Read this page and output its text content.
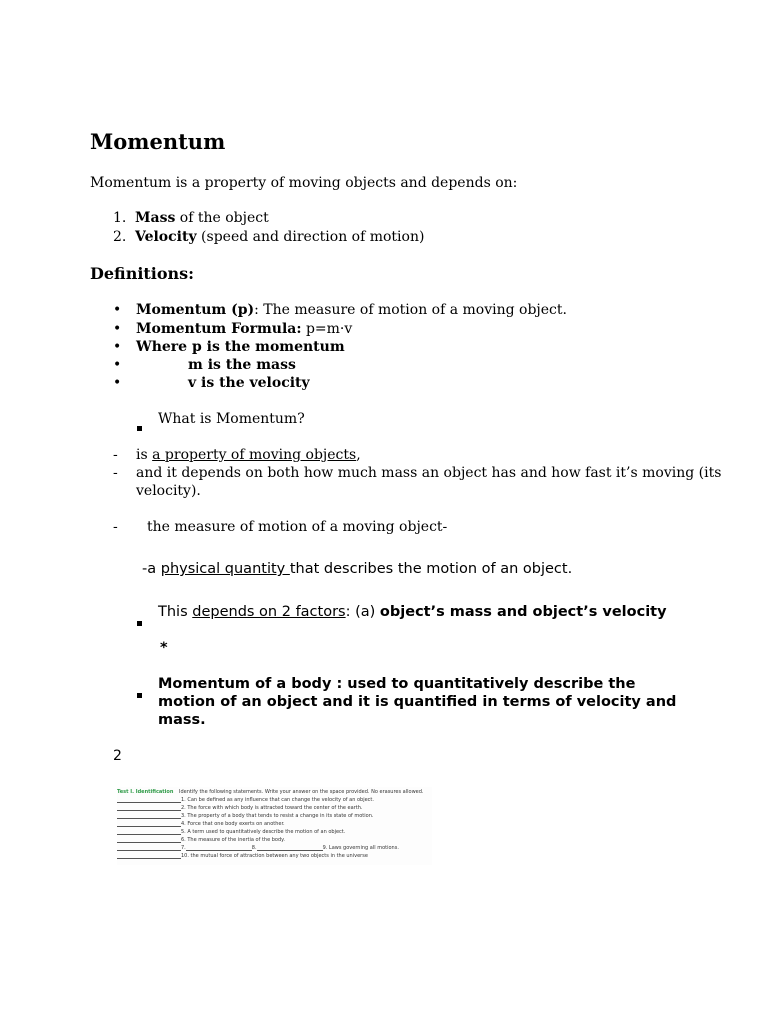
Momentum
Momentum is a property of moving objects and depends on:
1. Mass of the object
2. Velocity (speed and direction of motion)
Definitions:
• Momentum (p): The measure of motion of a moving object.
• Momentum Formula: p=m·v
• Where p is the momentum
•	m is the mass
•	v is the velocity
What is Momentum?
- is a property of moving objects,
- and it depends on both how much mass an object has and how fast it’s moving (its
velocity).
- the measure of motion of a moving object-
-a physical quantity that describes the motion of an object.
This depends on 2 factors: (a) object’s mass and object’s velocity
*
Momentum of a body : used to quantitatively describe the
motion of an object and it is quantified in terms of velocity and
mass.
2
Test I. Identification Identify the following statements. Write your answer on the space provided. No erasures allowed.
1. Can be defined as any influence that can change the velocity of an object.
2. The force with which body is attracted toward the center of the earth.
3. The property of a body that tends to resist a change in its state of motion.
4. Force that one body exerts on another.
5. A term used to quantitatively describe the motion of an object.
6. The measure of the inertia of the body.
7.	8.	9. Laws governing all motions.
10. the mutual force of attraction between any two objects in the universe
